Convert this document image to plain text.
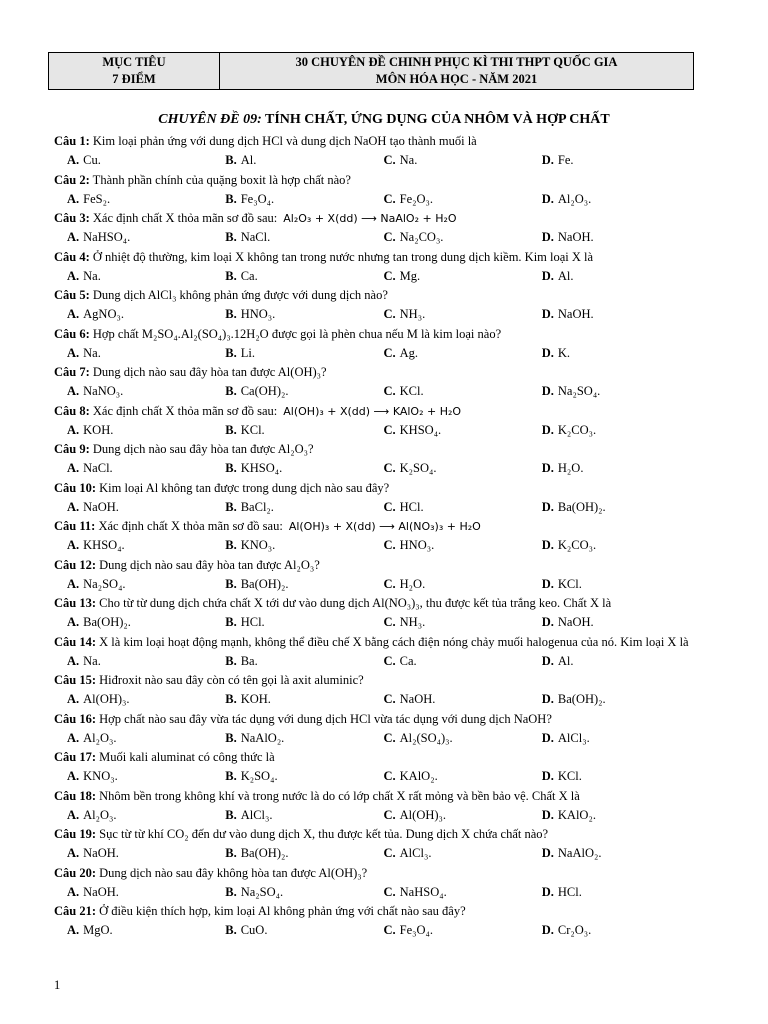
MỤC TIÊU
7 ĐIỂM
30 CHUYÊN ĐỀ CHINH PHỤC KÌ THI THPT QUỐC GIA
MÔN HÓA HỌC - NĂM 2021
CHUYÊN ĐỀ 09: TÍNH CHẤT, ỨNG DỤNG CỦA NHÔM VÀ HỢP CHẤT
Câu 1: Kim loại phản ứng với dung dịch HCl và dung dịch NaOH tạo thành muối là
A. Cu.	B. Al.	C. Na.	D. Fe.
Câu 2: Thành phần chính của quặng boxit là hợp chất nào?
A. FeS₂.	B. Fe₃O₄.	C. Fe₂O₃.	D. Al₂O₃.
Câu 3: Xác định chất X thỏa mãn sơ đồ sau: Al₂O₃ + X(dd) ⟶ NaAlO₂ + H₂O
A. NaHSO₄.	B. NaCl.	C. Na₂CO₃.	D. NaOH.
Câu 4: Ở nhiệt độ thường, kim loại X không tan trong nước nhưng tan trong dung dịch kiềm. Kim loại X là
A. Na.	B. Ca.	C. Mg.	D. Al.
Câu 5: Dung dịch AlCl₃ không phản ứng được với dung dịch nào?
A. AgNO₃.	B. HNO₃.	C. NH₃.	D. NaOH.
Câu 6: Hợp chất M₂SO₄.Al₂(SO₄)₃.12H₂O được gọi là phèn chua nếu M là kim loại nào?
A. Na.	B. Li.	C. Ag.	D. K.
Câu 7: Dung dịch nào sau đây hòa tan được Al(OH)₃?
A. NaNO₃.	B. Ca(OH)₂.	C. KCl.	D. Na₂SO₄.
Câu 8: Xác định chất X thỏa mãn sơ đồ sau: Al(OH)₃ + X(dd) ⟶ KAlO₂ + H₂O
A. KOH.	B. KCl.	C. KHSO₄.	D. K₂CO₃.
Câu 9: Dung dịch nào sau đây hòa tan được Al₂O₃?
A. NaCl.	B. KHSO₄.	C. K₂SO₄.	D. H₂O.
Câu 10: Kim loại Al không tan được trong dung dịch nào sau đây?
A. NaOH.	B. BaCl₂.	C. HCl.	D. Ba(OH)₂.
Câu 11: Xác định chất X thỏa mãn sơ đồ sau: Al(OH)₃ + X(dd) ⟶ Al(NO₃)₃ + H₂O
A. KHSO₄.	B. KNO₃.	C. HNO₃.	D. K₂CO₃.
Câu 12: Dung dịch nào sau đây hòa tan được Al₂O₃?
A. Na₂SO₄.	B. Ba(OH)₂.	C. H₂O.	D. KCl.
Câu 13: Cho từ từ dung dịch chứa chất X tới dư vào dung dịch Al(NO₃)₃, thu được kết tủa trắng keo. Chất X là
A. Ba(OH)₂.	B. HCl.	C. NH₃.	D. NaOH.
Câu 14: X là kim loại hoạt động mạnh, không thể điều chế X bằng cách điện nóng chảy muối halogenua của nó. Kim loại X là
A. Na.	B. Ba.	C. Ca.	D. Al.
Câu 15: Hiđroxit nào sau đây còn có tên gọi là axit aluminic?
A. Al(OH)₃.	B. KOH.	C. NaOH.	D. Ba(OH)₂.
Câu 16: Hợp chất nào sau đây vừa tác dụng với dung dịch HCl vừa tác dụng với dung dịch NaOH?
A. Al₂O₃.	B. NaAlO₂.	C. Al₂(SO₄)₃.	D. AlCl₃.
Câu 17: Muối kali aluminat có công thức là
A. KNO₃.	B. K₂SO₄.	C. KAlO₂.	D. KCl.
Câu 18: Nhôm bền trong không khí và trong nước là do có lớp chất X rất mỏng và bền bảo vệ. Chất X là
A. Al₂O₃.	B. AlCl₃.	C. Al(OH)₃.	D. KAlO₂.
Câu 19: Sục từ từ khí CO₂ đến dư vào dung dịch X, thu được kết tủa. Dung dịch X chứa chất nào?
A. NaOH.	B. Ba(OH)₂.	C. AlCl₃.	D. NaAlO₂.
Câu 20: Dung dịch nào sau đây không hòa tan được Al(OH)₃?
A. NaOH.	B. Na₂SO₄.	C. NaHSO₄.	D. HCl.
Câu 21: Ở điều kiện thích hợp, kim loại Al không phản ứng với chất nào sau đây?
A. MgO.	B. CuO.	C. Fe₃O₄.	D. Cr₂O₃.
1
